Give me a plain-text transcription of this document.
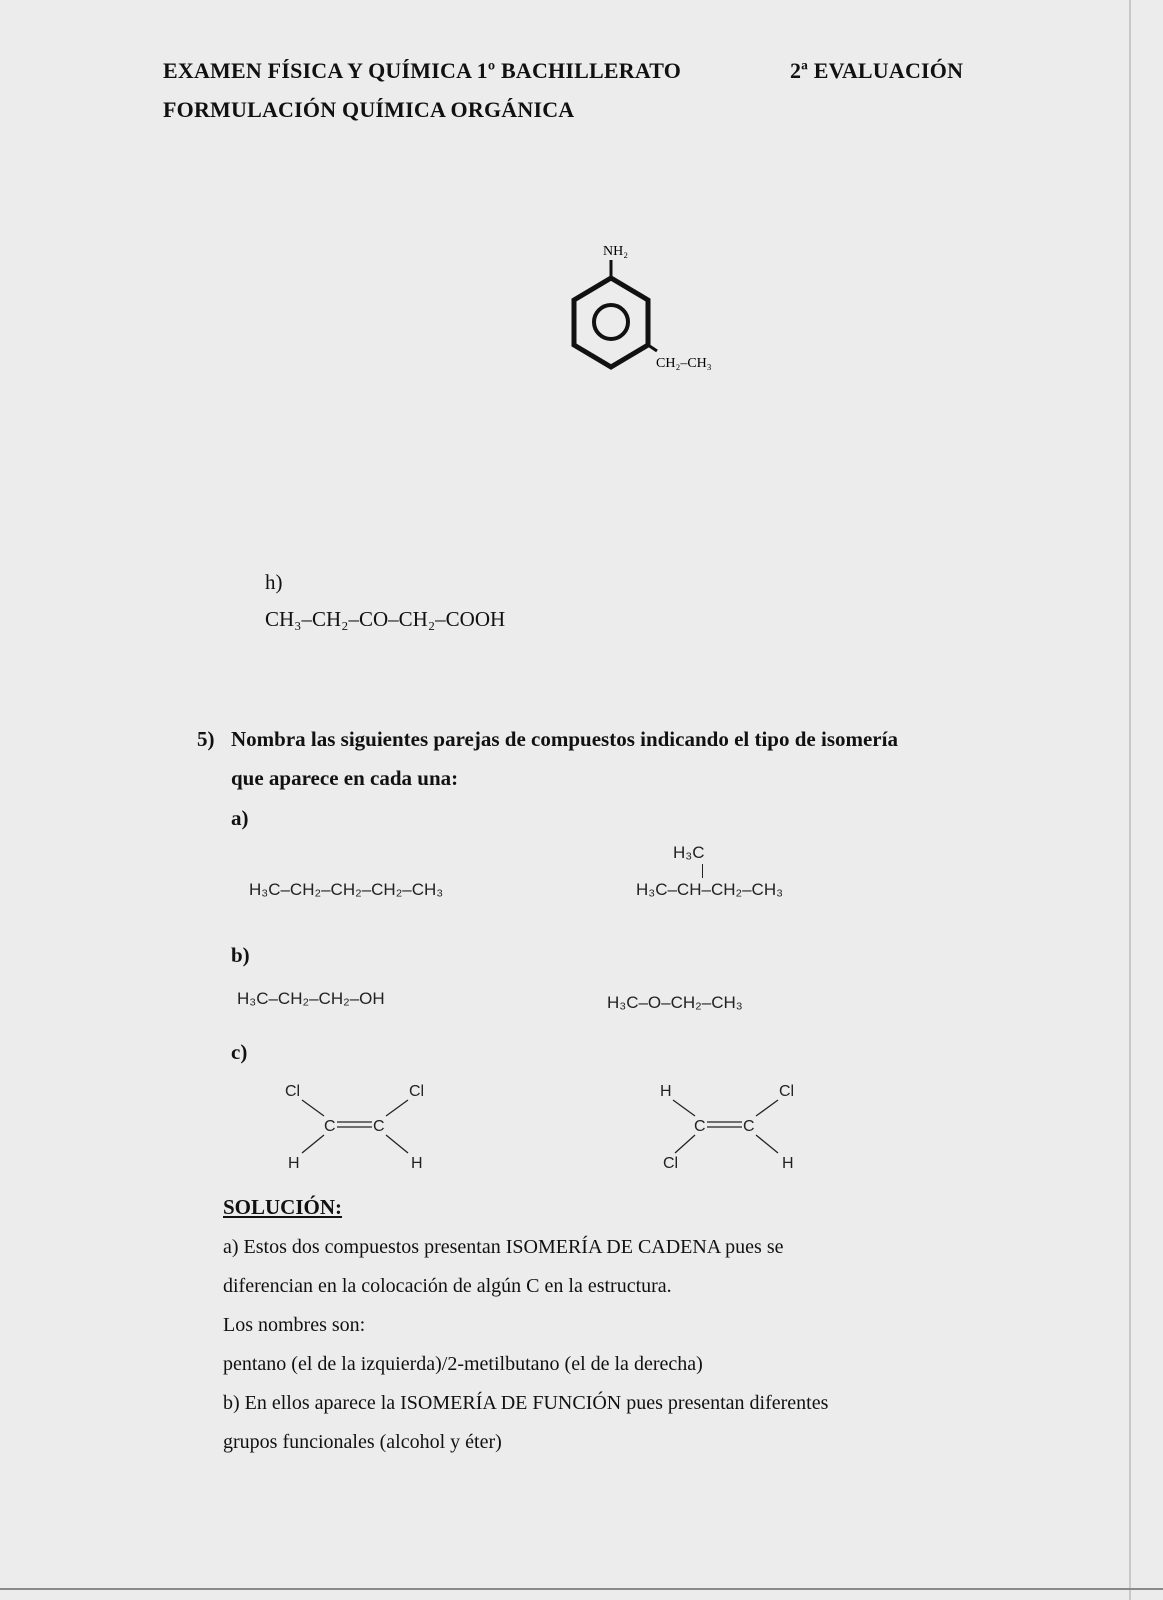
EXAMEN FÍSICA Y QUÍMICA 1º BACHILLERATO	2ª EVALUACIÓN
FORMULACIÓN QUÍMICA ORGÁNICA
NH₂
CH₂–CH₃
h)
CH₃–CH₂–CO–CH₂–COOH
5) Nombra las siguientes parejas de compuestos indicando el tipo de isomería
que aparece en cada una:
a)
H₃C–CH₂–CH₂–CH₂–CH₃
H₃C
H₃C–CH–CH₂–CH₃
b)
H₃C–CH₂–CH₂–OH	H₃C–O–CH₂–CH₃
c)
Cl	Cl
H	H
C C
H	Cl
Cl	H
C C
SOLUCIÓN:
a) Estos dos compuestos presentan ISOMERÍA DE CADENA pues se
diferencian en la colocación de algún C en la estructura.
Los nombres son:
pentano (el de la izquierda)/2-metilbutano (el de la derecha)
b) En ellos aparece la ISOMERÍA DE FUNCIÓN pues presentan diferentes
grupos funcionales (alcohol y éter)
